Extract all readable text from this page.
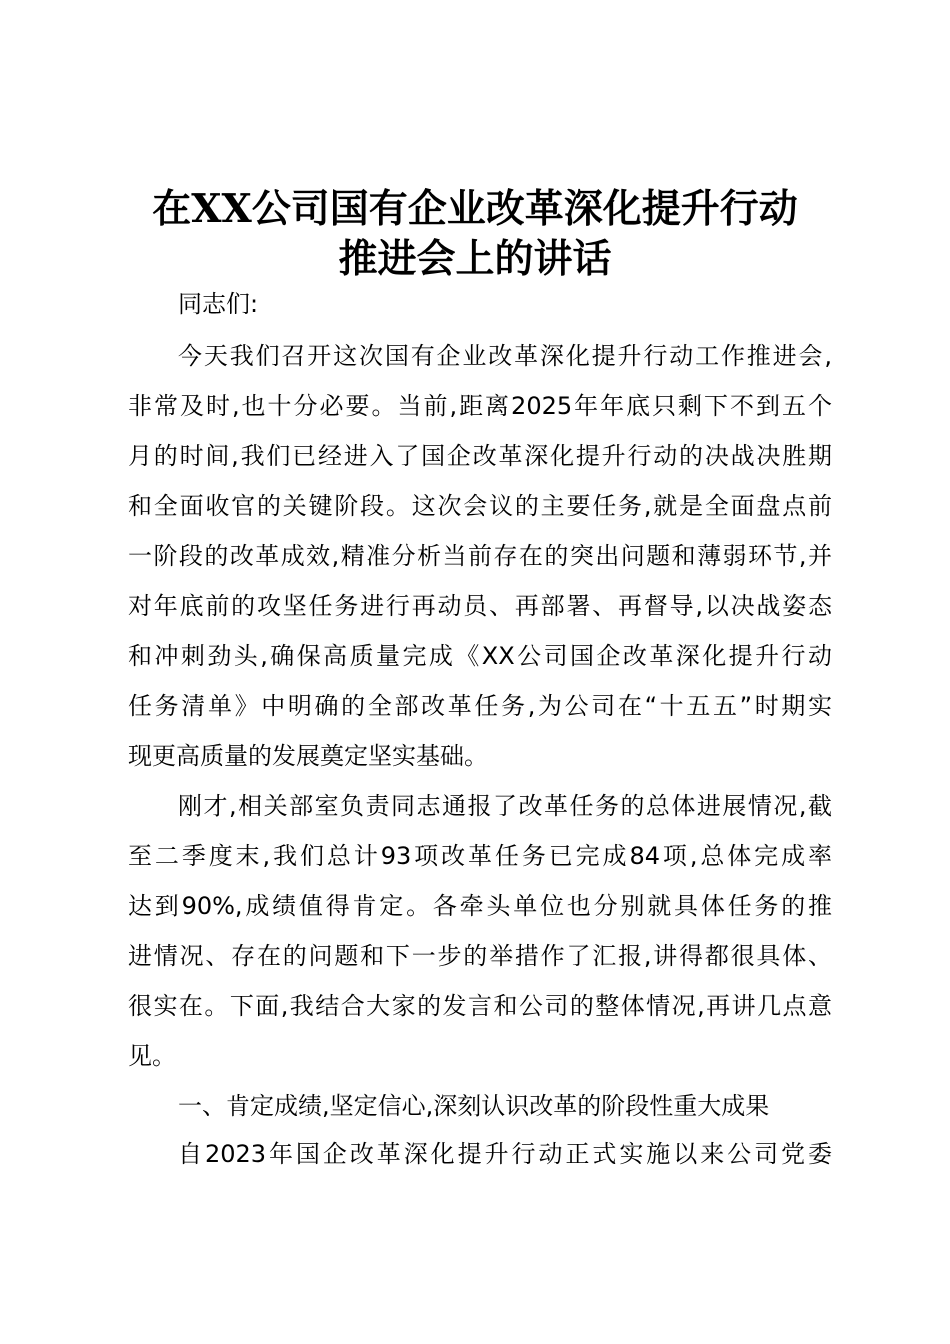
在XX公司国有企业改革深化提升行动
推进会上的讲话
同志们:
今天我们召开这次国有企业改革深化提升行动工作推进会,
非常及时,也十分必要。当前,距离2025年年底只剩下不到五个
月的时间,我们已经进入了国企改革深化提升行动的决战决胜期
和全面收官的关键阶段。这次会议的主要任务,就是全面盘点前
一阶段的改革成效,精准分析当前存在的突出问题和薄弱环节,并
对年底前的攻坚任务进行再动员、再部署、再督导,以决战姿态
和冲刺劲头,确保高质量完成《XX公司国企改革深化提升行动
任务清单》中明确的全部改革任务,为公司在“十五五”时期实
现更高质量的发展奠定坚实基础。
刚才,相关部室负责同志通报了改革任务的总体进展情况,截
至二季度末,我们总计93项改革任务已完成84项,总体完成率
达到90%,成绩值得肯定。各牵头单位也分别就具体任务的推
进情况、存在的问题和下一步的举措作了汇报,讲得都很具体、
很实在。下面,我结合大家的发言和公司的整体情况,再讲几点意
见。
一、肯定成绩,坚定信心,深刻认识改革的阶段性重大成果
自2023年国企改革深化提升行动正式实施以来公司党委
